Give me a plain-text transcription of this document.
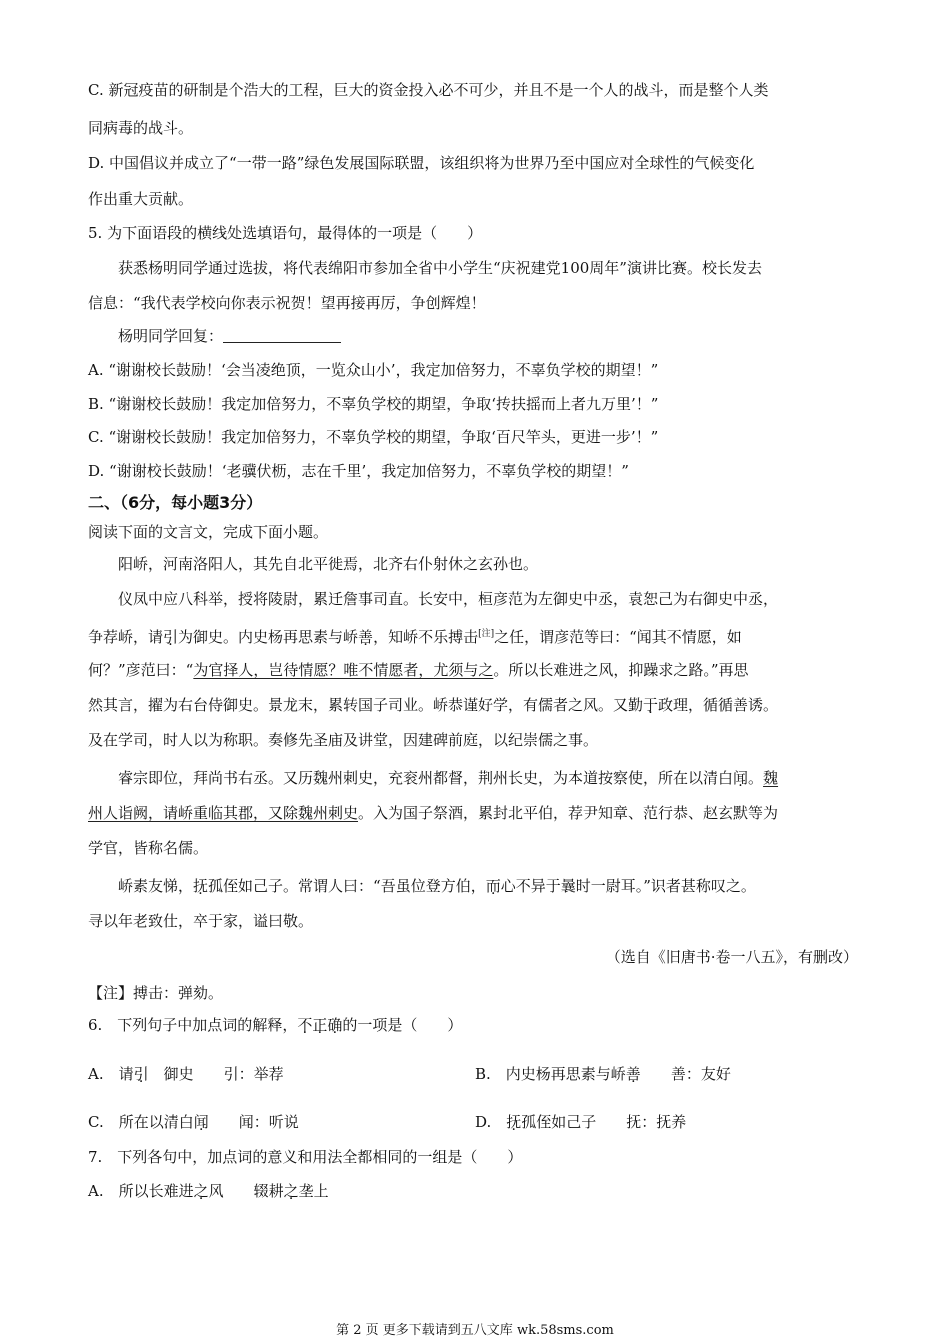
C. 新冠疫苗的研制是个浩大的工程，巨大的资金投入必不可少，并且不是一个人的战斗，而是整个人类
同病毒的战斗。
D. 中国倡议并成立了“一带一路”绿色发展国际联盟，该组织将为世界乃至中国应对全球性的气候变化
作出重大贡献。
5. 为下面语段的横线处选填语句，最得体的一项是（　　）
获悉杨明同学通过选拔，将代表绵阳市参加全省中小学生“庆祝建党100周年”演讲比赛。校长发去
信息：“我代表学校向你表示祝贺！望再接再厉，争创辉煌！
杨明同学回复：
A. “谢谢校长鼓励！‘会当凌绝顶，一览众山小’，我定加倍努力，不辜负学校的期望！”
B. “谢谢校长鼓励！我定加倍努力，不辜负学校的期望，争取‘抟扶摇而上者九万里’！”
C. “谢谢校长鼓励！我定加倍努力，不辜负学校的期望，争取‘百尺竿头，更进一步’！”
D. “谢谢校长鼓励！‘老骥伏枥，志在千里’，我定加倍努力，不辜负学校的期望！”
二、（6分，每小题3分）
阅读下面的文言文，完成下面小题。
阳峤，河南洛阳人，其先自北平徙焉，北齐右仆射休之玄孙也。
仪凤中应八科举，授将陵尉，累迁詹事司直。长安中，桓彦范为左御史中丞，袁恕己为右御史中丞，
争荐峤，请引为御史。内史杨再思素与峤善，知峤不乐搏击[注]之任，谓彦范等曰：“闻其不情愿，如
何？”彦范曰：“为官择人，岂待情愿？唯不情愿者，尤须与之。所以长难进之风，抑躁求之路。”再思
然其言，擢为右台侍御史。景龙末，累转国子司业。峤恭谨好学，有儒者之风。又勤于政理，循循善诱。
及在学司，时人以为称职。奏修先圣庙及讲堂，因建碑前庭，以纪崇儒之事。
睿宗即位，拜尚书右丞。又历魏州刺史，充衮州都督，荆州长史，为本道按察使，所在以清白闻。魏
州人诣阙，请峤重临其郡，又除魏州刺史。入为国子祭酒，累封北平伯，荐尹知章、范行恭、赵玄默等为
学官，皆称名儒。
峤素友悌，抚孤侄如己子。常谓人曰：“吾虽位登方伯，而心不异于曩时一尉耳。”识者甚称叹之。
寻以年老致仕，卒于家，谥曰敬。
（选自《旧唐书·卷一八五》，有删改）
【注】搏击：弹劾。
6.　下列句子中加点词的解释，不正确的一项是（　　）
A.　请引　御史　　引：举荐	B.　内史杨再思素与峤善　　善：友好
C.　所在以清白闻　　闻：听说	D.　抚孤侄如己子　　抚：抚养
7.　下列各句中，加点词的意义和用法全都相同的一组是（　　）
A.　所以长难进之风　　辍耕之垄上
第 2 页 更多下载请到五八文库 wk.58sms.com
